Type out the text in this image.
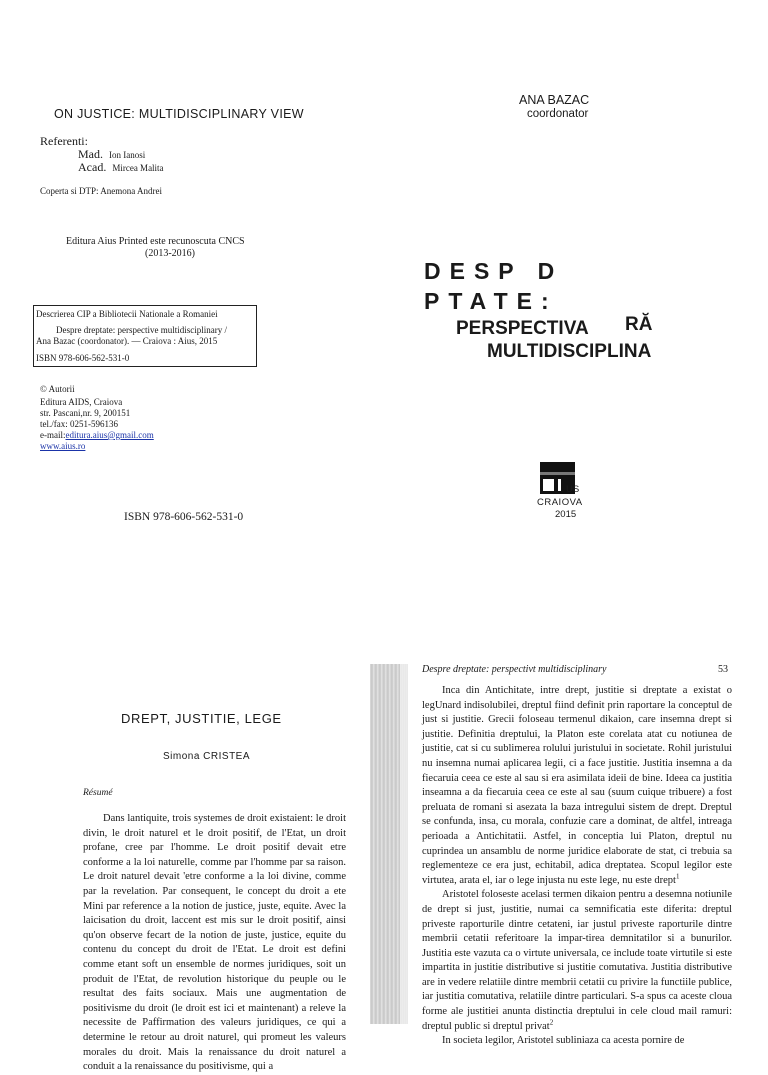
ON JUSTICE: MULTIDISCIPLINARY VIEW
Referenti:
Mad. Ion Ianosi
Acad. Mircea Malita
Coperta si DTP: Anemona Andrei
Editura Aius Printed este recunoscuta CNCS
(2013-2016)
Descrierea CIP a Bibliotecii Nationale a Romaniei
Despre dreptate: perspective multidisciplinary /
Ana Bazac (coordonator). — Craiova : Aius, 2015
ISBN 978-606-562-531-0
© Autorii
Editura AIDS, Craiova
str. Pascani,nr. 9, 200151
tel./fax: 0251-596136
e-mail:editura.aius@gmail.com
www.aius.ro
ISBN 978-606-562-531-0
ANA BAZAC
coordonator
DESP D
PTATE:
PERSPECTIVA RĂ
MULTIDISCIPLINA
US
CRAIOVA
2015
DREPT, JUSTITIE, LEGE
Simona CRISTEA
Résumé

Dans lantiquite, trois systemes de droit existaient: le droit divin, le droit naturel et le droit positif, de l'Etat, un droit profane, cree par l'homme. Le droit positif devait etre conforme a la loi naturelle, comme par l'homme par sa raison. Le droit naturel devait 'etre conforme a la loi divine, comme par la revelation. Par consequent, le concept du droit a ete Mini par reference a la notion de justice, juste, equite. Avec la laicisation du droit, laccent est mis sur le droit positif, ainsi qu'on observe fecart de la notion de juste, justice, equite du contenu du concept du droit de l'Etat. Le droit est defini comme etant soft un ensemble de normes juridiques, soit un produit de l'Etat, de revolution historique du peuple ou le resultat des faits sociaux. Mais une augmentation de positivisme du droit (le droit est ici et maintenant) a releve la necessite de Paffirmation des valeurs juridiques, ce qui a determine le retour au droit naturel, qui promeut les valeurs morales du droit. Mais la renaissance du droit naturel a conduit a la renaissance du positivisme, qui a

Despre dreptate: perspectivt multidisciplinary	53

Inca din Antichitate, intre drept, justitie si dreptate a existat o legUnard indisolubilei, dreptul fiind definit prin raportare la conceptul de just si justitie. Grecii foloseau termenul dikaion, care insemna drept si justitie. Definitia dreptului, la Platon este corelata atat cu notiunea de justitie, cat si cu sublimerea rolului juristului in societate. Rohil juristului nu insemna numai aplicarea legii, ci a face justitie. Justitia insemna a da fiecaruia ceea ce este al sau si era asimilata ideii de bine. Ideea ca justitia inseamna a da fiecaruia ceea ce este al sau (suum cuique tribuere) a fost preluata de romani si asezata la baza intregului sistem de drept. Dreptul se confunda, insa, cu morala, confuzie care a dominat, de altfel, intreaga perioada a Antichitatii. Astfel, in conceptia lui Platon, dreptul nu cuprindea un ansamblu de norme juridice elaborate de stat, ci trebuia sa reglementeze ce era just, echitabil, adica dreptatea. Scopul legilor este virtutea, arata el, iar o lege injusta nu este lege, nu este drept$^1$

Aristotel foloseste acelasi termen dikaion pentru a desemna notiunile de drept si just, justitie, numai ca semnificatia este diferita: dreptul priveste raporturile dintre cetateni, iar justul priveste raporturile dintre membrii cetatii referitoare la impar-tirea demnitatilor si a bunurilor. Justitia este vazuta ca o virtute universala, ce include toate virtutile si este impartita in justitie distributive si justitie comutativa. Justitia distributive are in vedere relatiile dintre membrii cetatii cu privire la functiile publice, iar justitia comutativa, relatiile dintre particulari. S-a spus ca aceste cloua forme ale justitiei anunta distinctia dreptului in cele cloud mail ramuri: dreptul public si dreptul privat$^2$

In societa legilor, Aristotel subliniaza ca acesta pornire de
